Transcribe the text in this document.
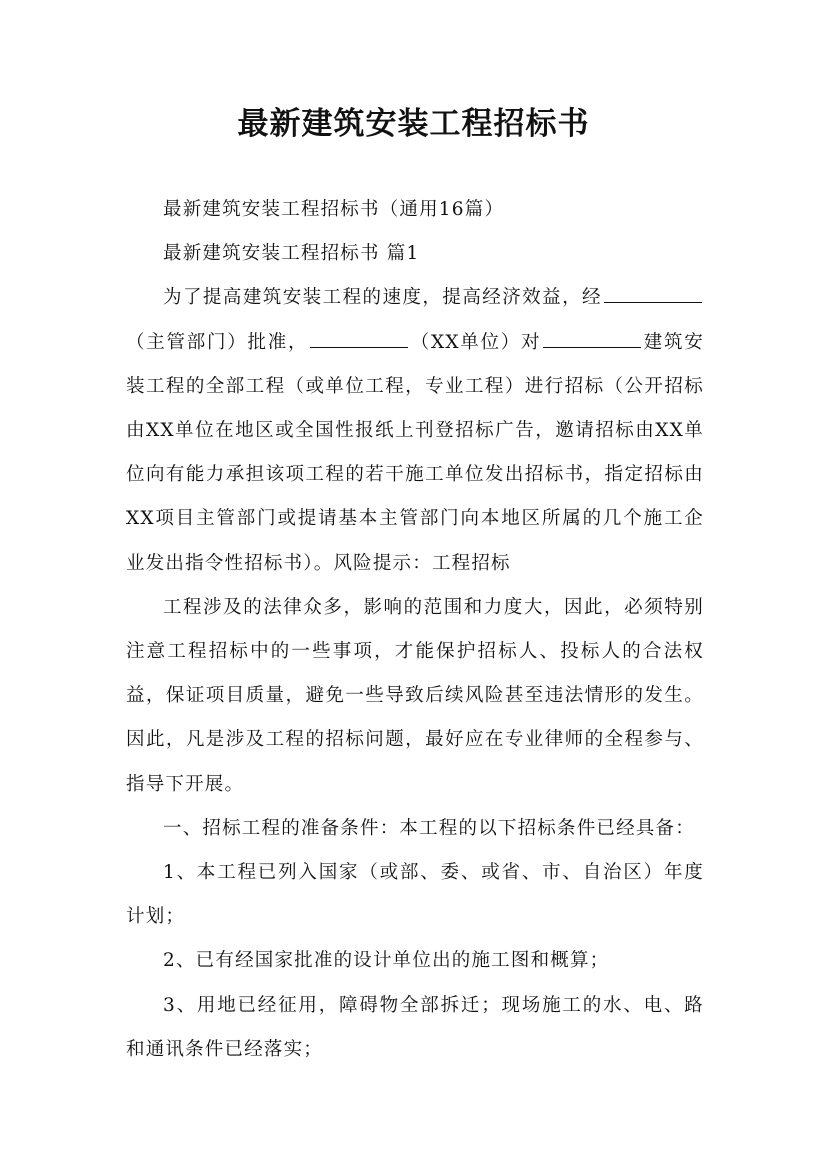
最新建筑安装工程招标书

最新建筑安装工程招标书（通用16篇）

最新建筑安装工程招标书 篇1

为了提高建筑安装工程的速度，提高经济效益，经（主管部门）批准，	（XX单位）对	建筑安装工程的全部工程（或单位工程，专业工程）进行招标（公开招标由XX单位在地区或全国性报纸上刊登招标广告，邀请招标由XX单位向有能力承担该项工程的若干施工单位发出招标书，指定招标由XX项目主管部门或提请基本主管部门向本地区所属的几个施工企业发出指令性招标书）。风险提示：工程招标

工程涉及的法律众多，影响的范围和力度大，因此，必须特别注意工程招标中的一些事项，才能保护招标人、投标人的合法权益，保证项目质量，避免一些导致后续风险甚至违法情形的发生。因此，凡是涉及工程的招标问题，最好应在专业律师的全程参与、指导下开展。

一、招标工程的准备条件：本工程的以下招标条件已经具备：

1、本工程已列入国家（或部、委、或省、市、自治区）年度计划；

2、已有经国家批准的设计单位出的施工图和概算；

3、用地已经征用，障碍物全部拆迁；现场施工的水、电、路和通讯条件已经落实；
